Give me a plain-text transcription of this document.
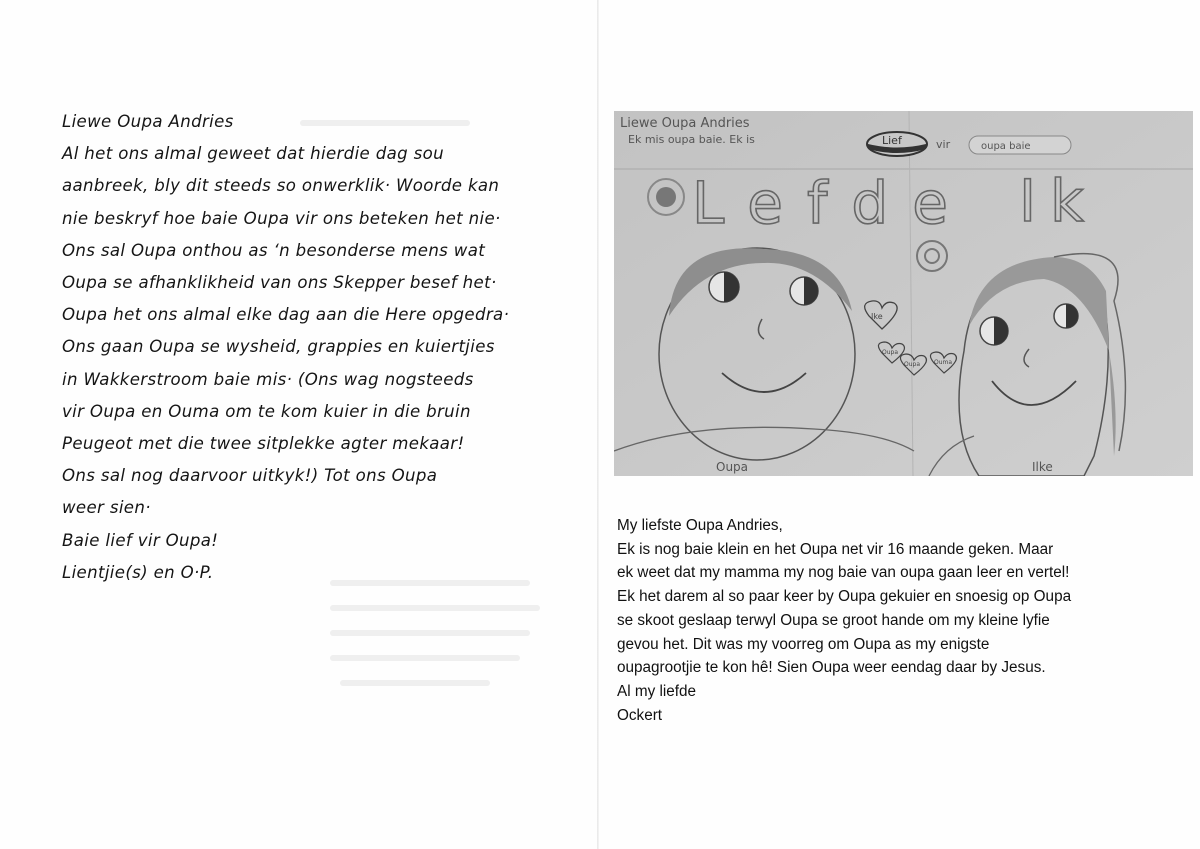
Liewe Oupa Andries

Al het ons almal geweet dat hierdie dag sou

aanbreek, bly dit steeds so onwerklik· Woorde kan

nie beskryf hoe baie Oupa vir ons beteken het nie·

Ons sal Oupa onthou as ‘n besonderse mens wat

Oupa se afhanklikheid van ons Skepper besef het·

Oupa het ons almal elke dag aan die Here opgedra·

Ons gaan Oupa se wysheid, grappies en kuiertjies

in Wakkerstroom baie mis· (Ons wag nogsteeds

vir Oupa en Ouma om te kom kuier in die bruin

Peugeot met die twee sitplekke agter mekaar!

Ons sal nog daarvoor uitkyk!) Tot ons Oupa

weer sien·

Baie lief vir Oupa!

Lientjie(s) en O·P.

Liewe Oupa Andries
Ek mis oupa baie. Ek is	Lief	vir	oupa baie
Lefde Ik
Oupa	Ilke
Ike
Oupa
Oupa Ouma

My liefste Oupa Andries,

Ek is nog baie klein en het Oupa net vir 16 maande geken. Maar

ek weet dat my mamma my nog baie van oupa gaan leer en vertel!

Ek het darem al so paar keer by Oupa gekuier en snoesig op Oupa

se skoot geslaap terwyl Oupa se groot hande om my kleine lyfie

gevou het. Dit was my voorreg om Oupa as my enigste

oupagrootjie te kon hê! Sien Oupa weer eendag daar by Jesus.

Al my liefde

Ockert
